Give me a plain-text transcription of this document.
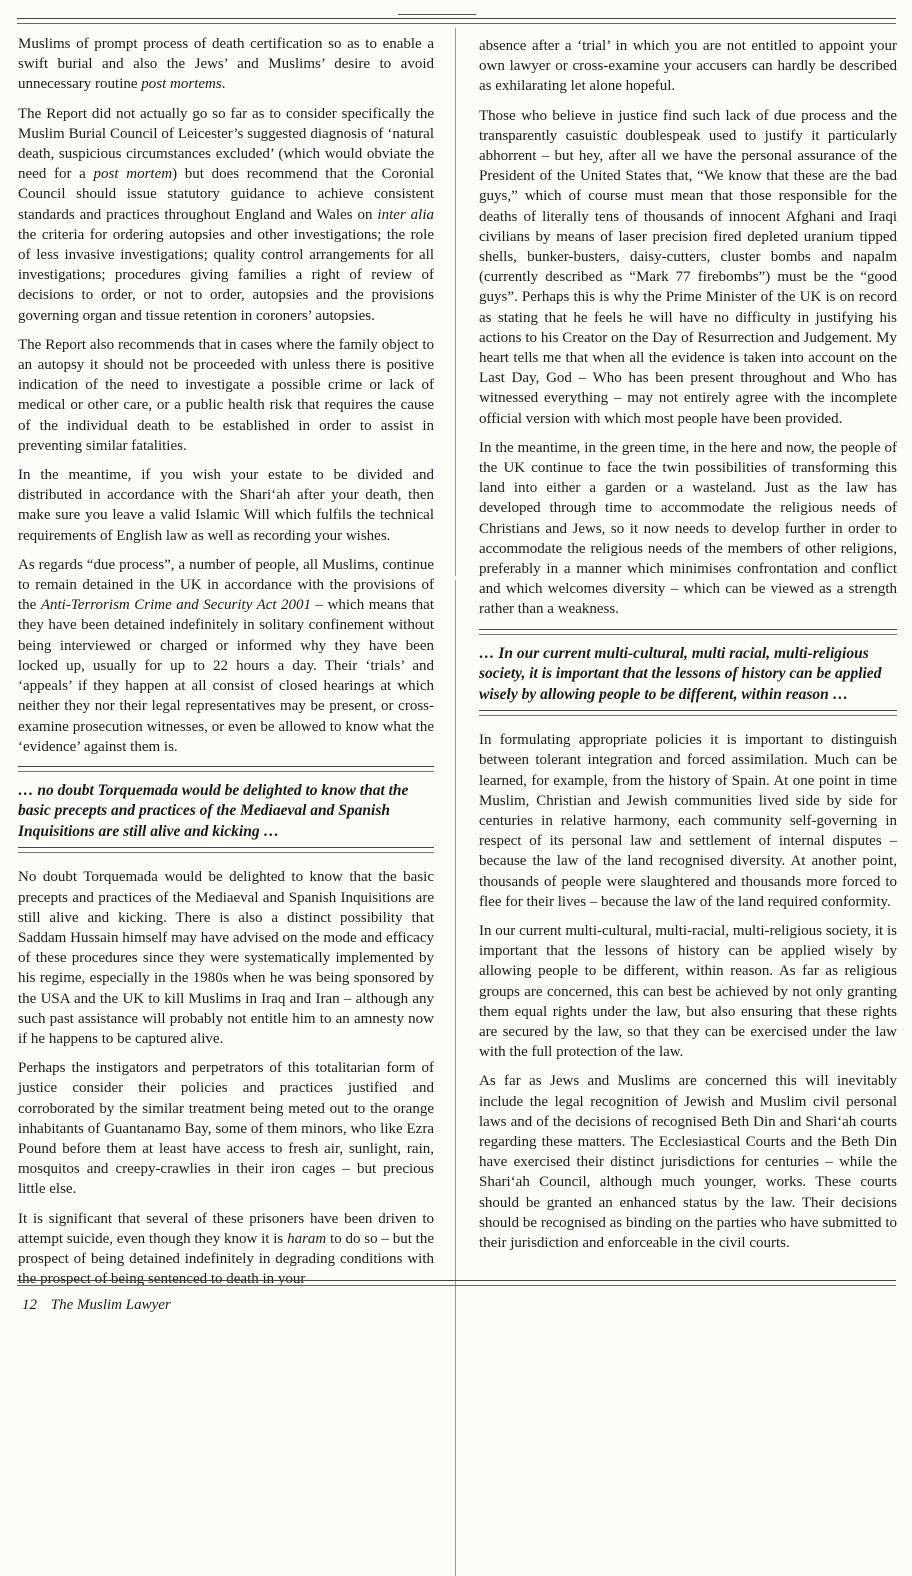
Muslims of prompt process of death certification so as to enable a swift burial and also the Jews’ and Muslims’ desire to avoid unnecessary routine post mortems.

The Report did not actually go so far as to consider specifically the Muslim Burial Council of Leicester’s suggested diagnosis of ‘natural death, suspicious circumstances excluded’ (which would obviate the need for a post mortem) but does recommend that the Coronial Council should issue statutory guidance to achieve consistent standards and practices throughout England and Wales on inter alia the criteria for ordering autopsies and other investigations; the role of less invasive investigations; quality control arrangements for all investigations; procedures giving families a right of review of decisions to order, or not to order, autopsies and the provisions governing organ and tissue retention in coroners’ autopsies.

The Report also recommends that in cases where the family object to an autopsy it should not be proceeded with unless there is positive indication of the need to investigate a possible crime or lack of medical or other care, or a public health risk that requires the cause of the individual death to be established in order to assist in preventing similar fatalities.

In the meantime, if you wish your estate to be divided and distributed in accordance with the Shari‘ah after your death, then make sure you leave a valid Islamic Will which fulfils the technical requirements of English law as well as recording your wishes.

As regards “due process”, a number of people, all Muslims, continue to remain detained in the UK in accordance with the provisions of the Anti-Terrorism Crime and Security Act 2001 – which means that they have been detained indefinitely in solitary confinement without being interviewed or charged or informed why they have been locked up, usually for up to 22 hours a day. Their ‘trials’ and ‘appeals’ if they happen at all consist of closed hearings at which neither they nor their legal representatives may be present, or cross-examine prosecution witnesses, or even be allowed to know what the ‘evidence’ against them is.

… no doubt Torquemada would be delighted to know that the basic precepts and practices of the Mediaeval and Spanish Inquisitions are still alive and kicking …

No doubt Torquemada would be delighted to know that the basic precepts and practices of the Mediaeval and Spanish Inquisitions are still alive and kicking. There is also a distinct possibility that Saddam Hussain himself may have advised on the mode and efficacy of these procedures since they were systematically implemented by his regime, especially in the 1980s when he was being sponsored by the USA and the UK to kill Muslims in Iraq and Iran – although any such past assistance will probably not entitle him to an amnesty now if he happens to be captured alive.

Perhaps the instigators and perpetrators of this totalitarian form of justice consider their policies and practices justified and corroborated by the similar treatment being meted out to the orange inhabitants of Guantanamo Bay, some of them minors, who like Ezra Pound before them at least have access to fresh air, sunlight, rain, mosquitos and creepy-crawlies in their iron cages – but precious little else.

It is significant that several of these prisoners have been driven to attempt suicide, even though they know it is haram to do so – but the prospect of being detained indefinitely in degrading conditions with the prospect of being sentenced to death in your

absence after a ‘trial’ in which you are not entitled to appoint your own lawyer or cross-examine your accusers can hardly be described as exhilarating let alone hopeful.

Those who believe in justice find such lack of due process and the transparently casuistic doublespeak used to justify it particularly abhorrent – but hey, after all we have the personal assurance of the President of the United States that, “We know that these are the bad guys,” which of course must mean that those responsible for the deaths of literally tens of thousands of innocent Afghani and Iraqi civilians by means of laser precision fired depleted uranium tipped shells, bunker-busters, daisy-cutters, cluster bombs and napalm (currently described as “Mark 77 firebombs”) must be the “good guys”. Perhaps this is why the Prime Minister of the UK is on record as stating that he feels he will have no difficulty in justifying his actions to his Creator on the Day of Resurrection and Judgement. My heart tells me that when all the evidence is taken into account on the Last Day, God – Who has been present throughout and Who has witnessed everything – may not entirely agree with the incomplete official version with which most people have been provided.

In the meantime, in the green time, in the here and now, the people of the UK continue to face the twin possibilities of transforming this land into either a garden or a wasteland. Just as the law has developed through time to accommodate the religious needs of Christians and Jews, so it now needs to develop further in order to accommodate the religious needs of the members of other religions, preferably in a manner which minimises confrontation and conflict and which welcomes diversity – which can be viewed as a strength rather than a weakness.

… In our current multi-cultural, multi racial, multi-religious society, it is important that the lessons of history can be applied wisely by allowing people to be different, within reason …

In formulating appropriate policies it is important to distinguish between tolerant integration and forced assimilation. Much can be learned, for example, from the history of Spain. At one point in time Muslim, Christian and Jewish communities lived side by side for centuries in relative harmony, each community self-governing in respect of its personal law and settlement of internal disputes – because the law of the land recognised diversity. At another point, thousands of people were slaughtered and thousands more forced to flee for their lives – because the law of the land required conformity.

In our current multi-cultural, multi-racial, multi-religious society, it is important that the lessons of history can be applied wisely by allowing people to be different, within reason. As far as religious groups are concerned, this can best be achieved by not only granting them equal rights under the law, but also ensuring that these rights are secured by the law, so that they can be exercised under the law with the full protection of the law.

As far as Jews and Muslims are concerned this will inevitably include the legal recognition of Jewish and Muslim civil personal laws and of the decisions of recognised Beth Din and Shari‘ah courts regarding these matters. The Ecclesiastical Courts and the Beth Din have exercised their distinct jurisdictions for centuries – while the Shari‘ah Council, although much younger, works. These courts should be granted an enhanced status by the law. Their decisions should be recognised as binding on the parties who have submitted to their jurisdiction and enforceable in the civil courts.

12 The Muslim Lawyer
